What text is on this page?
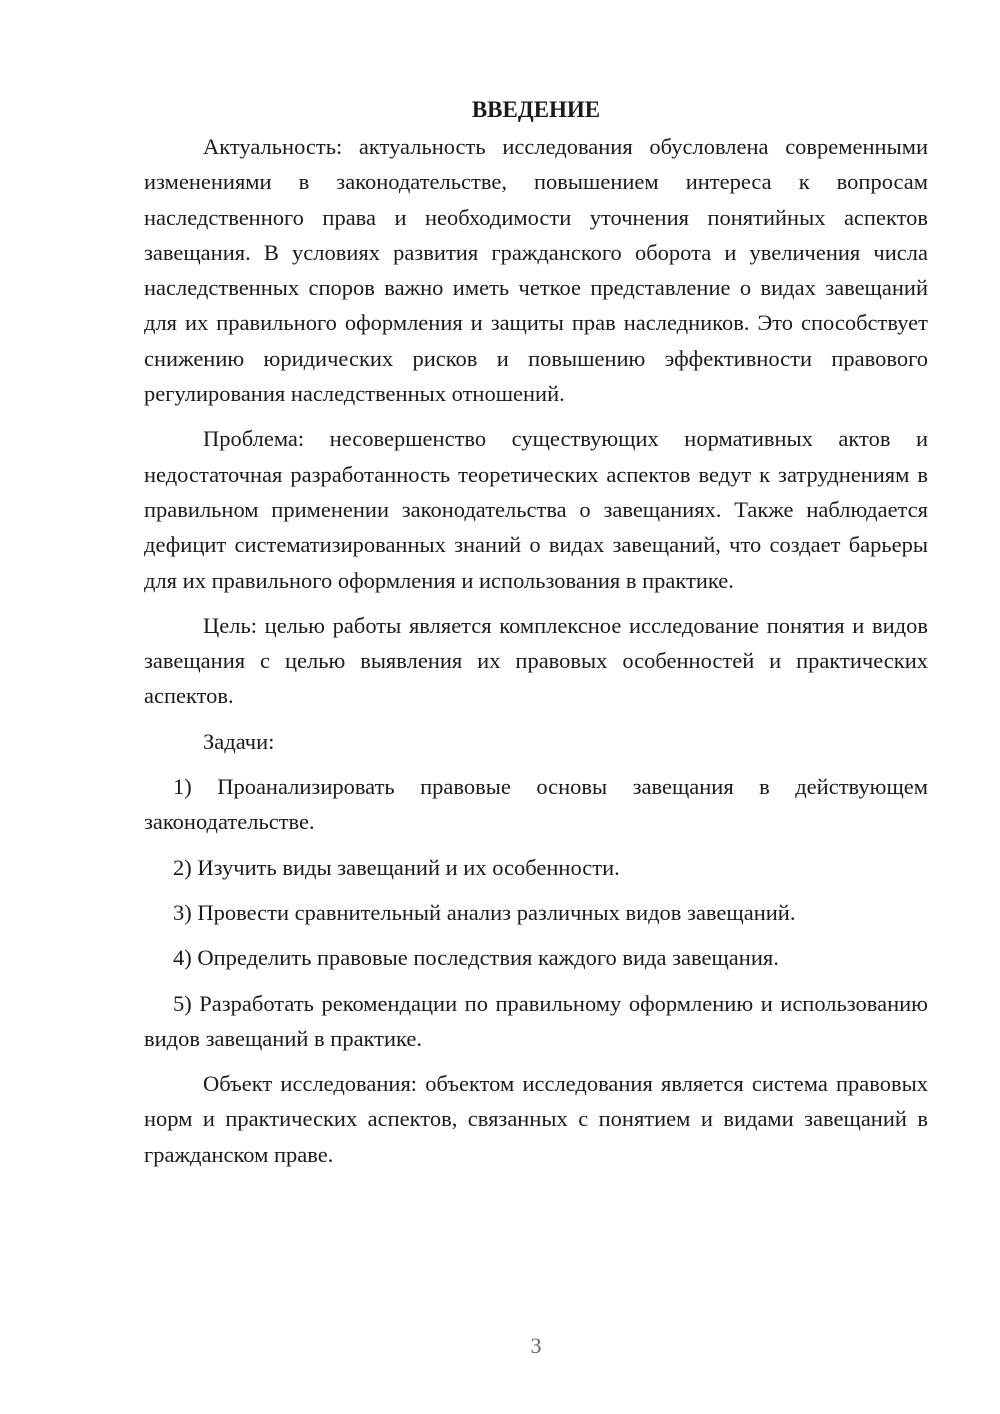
ВВЕДЕНИЕ

Актуальность: актуальность исследования обусловлена современными изменениями в законодательстве, повышением интереса к вопросам наследственного права и необходимости уточнения понятийных аспектов завещания. В условиях развития гражданского оборота и увеличения числа наследственных споров важно иметь четкое представление о видах завещаний для их правильного оформления и защиты прав наследников. Это способствует снижению юридических рисков и повышению эффективности правового регулирования наследственных отношений.

Проблема: несовершенство существующих нормативных актов и недостаточная разработанность теоретических аспектов ведут к затруднениям в правильном применении законодательства о завещаниях. Также наблюдается дефицит систематизированных знаний о видах завещаний, что создает барьеры для их правильного оформления и использования в практике.

Цель: целью работы является комплексное исследование понятия и видов завещания с целью выявления их правовых особенностей и практических аспектов.

Задачи:

1) Проанализировать правовые основы завещания в действующем законодательстве.

2) Изучить виды завещаний и их особенности.

3) Провести сравнительный анализ различных видов завещаний.

4) Определить правовые последствия каждого вида завещания.

5) Разработать рекомендации по правильному оформлению и использованию видов завещаний в практике.

Объект исследования: объектом исследования является система правовых норм и практических аспектов, связанных с понятием и видами завещаний в гражданском праве.

3
